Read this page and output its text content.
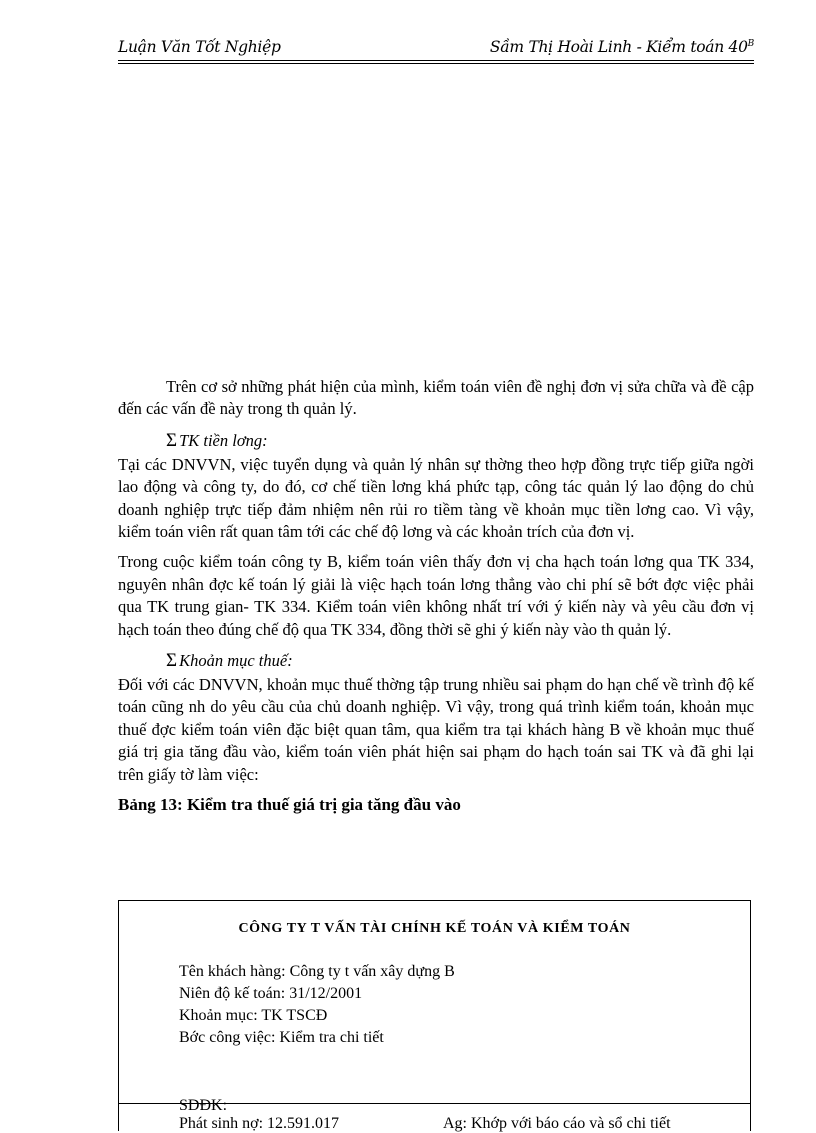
Luận Văn Tốt Nghiệp	Sầm Thị Hoài Linh - Kiểm toán $40^B$

Trên cơ sở những phát hiện của mình, kiểm toán viên đề nghị đơn vị sửa chữa và đề cập đến các vấn đề này trong th quản lý.

Σ TK tiền lơng:

Tại các DNVVN, việc tuyển dụng và quản lý nhân sự thờng theo hợp đồng trực tiếp giữa ngời lao động và công ty, do đó, cơ chế tiền lơng khá phức tạp, công tác quản lý lao động do chủ doanh nghiệp trực tiếp đảm nhiệm nên rủi ro tiềm tàng về khoản mục tiền lơng cao. Vì vậy, kiểm toán viên rất quan tâm tới các chế độ lơng và các khoản trích của đơn vị.

Trong cuộc kiểm toán công ty B, kiểm toán viên thấy đơn vị cha hạch toán lơng qua TK 334, nguyên nhân đợc kế toán lý giải là việc hạch toán lơng thẳng vào chi phí sẽ bớt đợc việc phải qua TK trung gian- TK 334. Kiểm toán viên không nhất trí với ý kiến này và yêu cầu đơn vị hạch toán theo đúng chế độ qua TK 334, đồng thời sẽ ghi ý kiến này vào th quản lý.

Σ Khoản mục thuế:

Đối với các DNVVN, khoản mục thuế thờng tập trung nhiều sai phạm do hạn chế về trình độ kế toán cũng nh do yêu cầu của chủ doanh nghiệp. Vì vậy, trong quá trình kiểm toán, khoản mục thuế đợc kiểm toán viên đặc biệt quan tâm, qua kiểm tra tại khách hàng B về khoản mục thuế giá trị gia tăng đầu vào, kiểm toán viên phát hiện sai phạm do hạch toán sai TK và đã ghi lại trên giấy tờ làm việc:

Bảng 13: Kiểm tra thuế giá trị gia tăng đầu vào
CÔNG TY T VẤN TÀI CHÍNH KẾ TOÁN VÀ KIỂM TOÁN
Tên khách hàng: Công ty t vấn xây dựng B
Niên độ kế toán: 31/12/2001
Khoản mục: TK TSCĐ
Bớc công việc: Kiểm tra chi tiết
SDĐK:
Phát sinh nợ: 12.591.017	Ag: Khớp với báo cáo và sổ chi tiết
